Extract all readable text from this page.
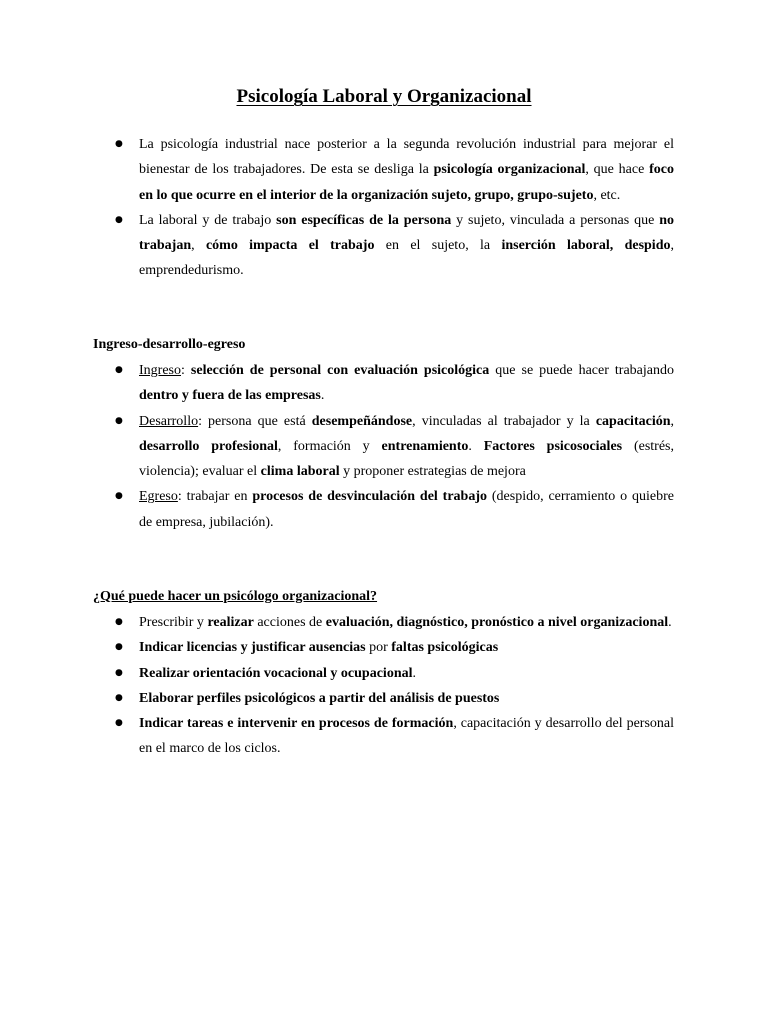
Psicología Laboral y Organizacional
● La psicología industrial nace posterior a la segunda revolución industrial para mejorar el bienestar de los trabajadores. De esta se desliga la psicología organizacional, que hace foco en lo que ocurre en el interior de la organización sujeto, grupo, grupo-sujeto, etc.
● La laboral y de trabajo son específicas de la persona y sujeto, vinculada a personas que no trabajan, cómo impacta el trabajo en el sujeto, la inserción laboral, despido, emprendedurismo.
Ingreso-desarrollo-egreso
● Ingreso: selección de personal con evaluación psicológica que se puede hacer trabajando dentro y fuera de las empresas.
● Desarrollo: persona que está desempeñándose, vinculadas al trabajador y la capacitación, desarrollo profesional, formación y entrenamiento. Factores psicosociales (estrés, violencia); evaluar el clima laboral y proponer estrategias de mejora
● Egreso: trabajar en procesos de desvinculación del trabajo (despido, cerramiento o quiebre de empresa, jubilación).
¿Qué puede hacer un psicólogo organizacional?
● Prescribir y realizar acciones de evaluación, diagnóstico, pronóstico a nivel organizacional.
● Indicar licencias y justificar ausencias por faltas psicológicas
● Realizar orientación vocacional y ocupacional.
● Elaborar perfiles psicológicos a partir del análisis de puestos
● Indicar tareas e intervenir en procesos de formación, capacitación y desarrollo del personal en el marco de los ciclos.
